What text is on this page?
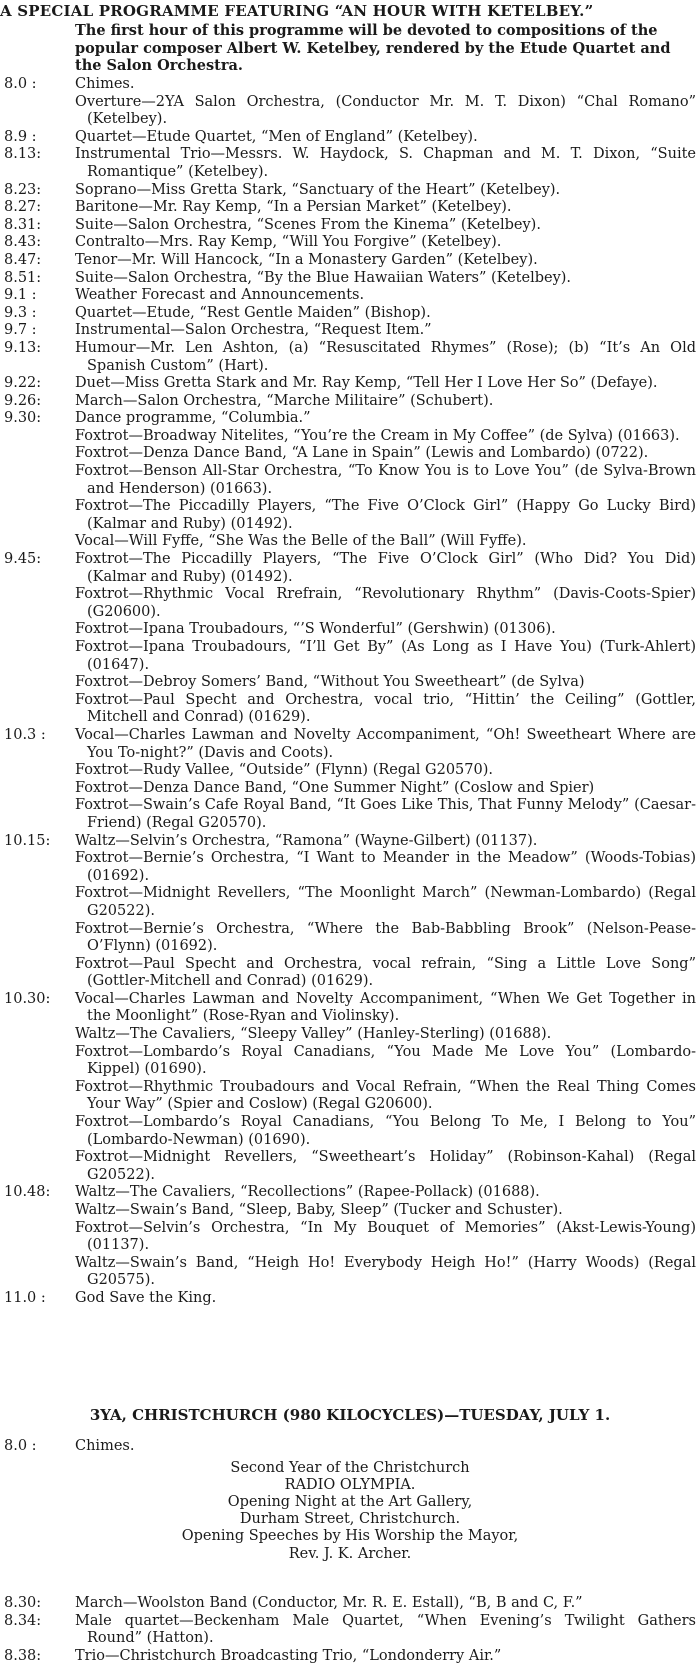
A SPECIAL PROGRAMME FEATURING “AN HOUR WITH KETELBEY.”
The first hour of this programme will be devoted to compositions of the popular composer Albert W. Ketelbey, rendered by the Etude Quartet and the Salon Orchestra.
8.0 :	Chimes.
Overture—2YA Salon Orchestra, (Conductor Mr. M. T. Dixon) “Chal Romano” (Ketelbey).
8.9 :	Quartet—Etude Quartet, “Men of England” (Ketelbey).
8.13:	Instrumental Trio—Messrs. W. Haydock, S. Chapman and M. T. Dixon, “Suite Romantique” (Ketelbey).
8.23:	Soprano—Miss Gretta Stark, “Sanctuary of the Heart” (Ketelbey).
8.27:	Baritone—Mr. Ray Kemp, “In a Persian Market” (Ketelbey).
8.31:	Suite—Salon Orchestra, “Scenes From the Kinema” (Ketelbey).
8.43:	Contralto—Mrs. Ray Kemp, “Will You Forgive” (Ketelbey).
8.47:	Tenor—Mr. Will Hancock, “In a Monastery Garden” (Ketelbey).
8.51:	Suite—Salon Orchestra, “By the Blue Hawaiian Waters” (Ketelbey).
9.1 :	Weather Forecast and Announcements.
9.3 :	Quartet—Etude, “Rest Gentle Maiden” (Bishop).
9.7 :	Instrumental—Salon Orchestra, “Request Item.”
9.13:	Humour—Mr. Len Ashton, (a) “Resuscitated Rhymes” (Rose); (b) “It’s An Old Spanish Custom” (Hart).
9.22:	Duet—Miss Gretta Stark and Mr. Ray Kemp, “Tell Her I Love Her So” (Defaye).
9.26:	March—Salon Orchestra, “Marche Militaire” (Schubert).
9.30:	Dance programme, “Columbia.”
Foxtrot—Broadway Nitelites, “You’re the Cream in My Coffee” (de Sylva) (01663).
Foxtrot—Denza Dance Band, “A Lane in Spain” (Lewis and Lombardo) (0722).
Foxtrot—Benson All-Star Orchestra, “To Know You is to Love You” (de Sylva-Brown and Henderson) (01663).
Foxtrot—The Piccadilly Players, “The Five O’Clock Girl” (Happy Go Lucky Bird) (Kalmar and Ruby) (01492).
Vocal—Will Fyffe, “She Was the Belle of the Ball” (Will Fyffe).
9.45:	Foxtrot—The Piccadilly Players, “The Five O’Clock Girl” (Who Did? You Did) (Kalmar and Ruby) (01492).
Foxtrot—Rhythmic Vocal Rrefrain, “Revolutionary Rhythm” (Davis-Coots-Spier) (G20600).
Foxtrot—Ipana Troubadours, “’S Wonderful” (Gershwin) (01306).
Foxtrot—Ipana Troubadours, “I’ll Get By” (As Long as I Have You) (Turk-Ahlert) (01647).
Foxtrot—Debroy Somers’ Band, “Without You Sweetheart” (de Sylva)
Foxtrot—Paul Specht and Orchestra, vocal trio, “Hittin’ the Ceiling” (Gottler, Mitchell and Conrad) (01629).
10.3 :	Vocal—Charles Lawman and Novelty Accompaniment, “Oh! Sweetheart Where are You To-night?” (Davis and Coots).
Foxtrot—Rudy Vallee, “Outside” (Flynn) (Regal G20570).
Foxtrot—Denza Dance Band, “One Summer Night” (Coslow and Spier)
Foxtrot—Swain’s Cafe Royal Band, “It Goes Like This, That Funny Melody” (Caesar-Friend) (Regal G20570).
10.15:	Waltz—Selvin’s Orchestra, “Ramona” (Wayne-Gilbert) (01137).
Foxtrot—Bernie’s Orchestra, “I Want to Meander in the Meadow” (Woods-Tobias) (01692).
Foxtrot—Midnight Revellers, “The Moonlight March” (Newman-Lombardo) (Regal G20522).
Foxtrot—Bernie’s Orchestra, “Where the Bab-Babbling Brook” (Nelson-Pease-O’Flynn) (01692).
Foxtrot—Paul Specht and Orchestra, vocal refrain, “Sing a Little Love Song” (Gottler-Mitchell and Conrad) (01629).
10.30:	Vocal—Charles Lawman and Novelty Accompaniment, “When We Get Together in the Moonlight” (Rose-Ryan and Violinsky).
Waltz—The Cavaliers, “Sleepy Valley” (Hanley-Sterling) (01688).
Foxtrot—Lombardo’s Royal Canadians, “You Made Me Love You” (Lombardo-Kippel) (01690).
Foxtrot—Rhythmic Troubadours and Vocal Refrain, “When the Real Thing Comes Your Way” (Spier and Coslow) (Regal G20600).
Foxtrot—Lombardo’s Royal Canadians, “You Belong To Me, I Belong to You” (Lombardo-Newman) (01690).
Foxtrot—Midnight Revellers, “Sweetheart’s Holiday” (Robinson-Kahal) (Regal G20522).
10.48:	Waltz—The Cavaliers, “Recollections” (Rapee-Pollack) (01688).
Waltz—Swain’s Band, “Sleep, Baby, Sleep” (Tucker and Schuster).
Foxtrot—Selvin’s Orchestra, “In My Bouquet of Memories” (Akst-Lewis-Young) (01137).
Waltz—Swain’s Band, “Heigh Ho! Everybody Heigh Ho!” (Harry Woods) (Regal G20575).
11.0 :	God Save the King.
3YA, CHRISTCHURCH (980 KILOCYCLES)—TUESDAY, JULY 1.
8.0 :	Chimes.
Second Year of the Christchurch
RADIO OLYMPIA.
Opening Night at the Art Gallery,
Durham Street, Christchurch.
Opening Speeches by His Worship the Mayor,
Rev. J. K. Archer.
8.30:	March—Woolston Band (Conductor, Mr. R. E. Estall), “B, B and C, F.”
8.34:	Male quartet—Beckenham Male Quartet, “When Evening’s Twilight Gathers Round” (Hatton).
8.38:	Trio—Christchurch Broadcasting Trio, “Londonderry Air.”
